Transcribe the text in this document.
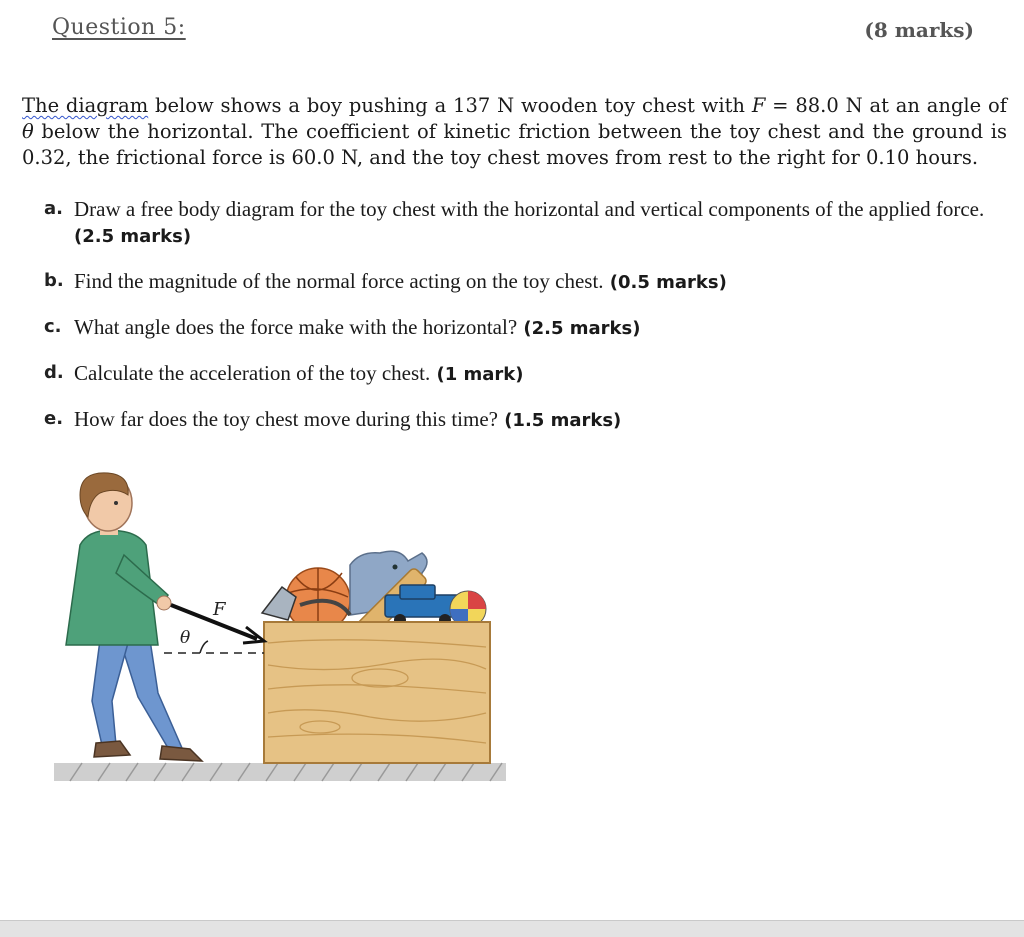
Question 5:	(8 marks)
The diagram below shows a boy pushing a 137 N wooden toy chest with F = 88.0 N at an angle of θ below the horizontal. The coefficient of kinetic friction between the toy chest and the ground is 0.32, the frictional force is 60.0 N, and the toy chest moves from rest to the right for 0.10 hours.
a. Draw a free body diagram for the toy chest with the horizontal and vertical components of the applied force. (2.5 marks)
b. Find the magnitude of the normal force acting on the toy chest. (0.5 marks)
c. What angle does the force make with the horizontal? (2.5 marks)
d. Calculate the acceleration of the toy chest. (1 mark)
e. How far does the toy chest move during this time? (1.5 marks)
F
θ
